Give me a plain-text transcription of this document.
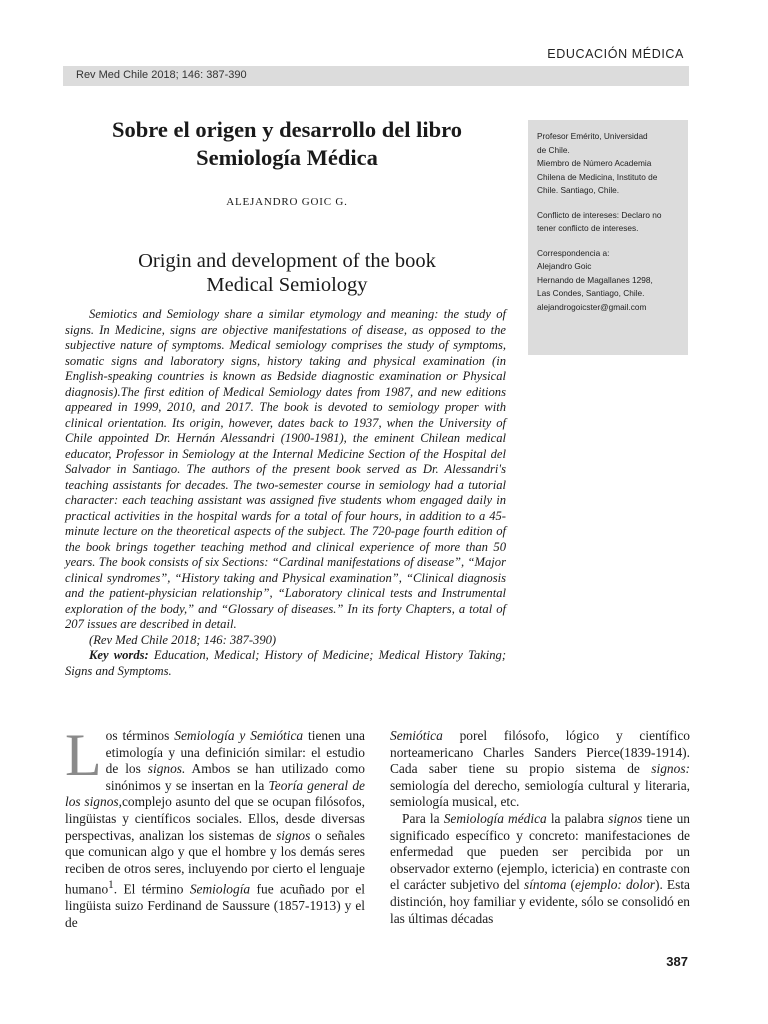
EDUCACIÓN MÉDICA
Rev Med Chile 2018; 146: 387-390
Sobre el origen y desarrollo del libro
Semiología Médica
ALEJANDRO GOIC G.
Origin and development of the book
Medical Semiology

Profesor Emérito, Universidad
de Chile.
Miembro de Número Academia
Chilena de Medicina, Instituto de
Chile. Santiago, Chile.

Conflicto de intereses: Declaro no
tener conflicto de intereses.

Correspondencia a:
Alejandro Goic
Hernando de Magallanes 1298,
Las Condes, Santiago, Chile.
alejandrogoicster@gmail.com

Semiotics and Semiology share a similar etymology and meaning: the study of signs. In Medicine, signs are objective manifestations of disease, as opposed to the subjective nature of symptoms. Medical semiology comprises the study of symptoms, somatic signs and laboratory signs, history taking and physical examination (in English-speaking countries is known as Bedside diagnostic examination or Physical diagnosis).The first edition of Medical Semiology dates from 1987, and new editions appeared in 1999, 2010, and 2017. The book is devoted to semiology proper with clinical orientation. Its origin, however, dates back to 1937, when the University of Chile appointed Dr. Hernán Alessandri (1900-1981), the eminent Chilean medical educator, Professor in Semiology at the Internal Medicine Section of the Hospital del Salvador in Santiago. The authors of the present book served as Dr. Alessandri's teaching assistants for decades. The two-semester course in semiology had a tutorial character: each teaching assistant was assigned five students whom engaged daily in practical activities in the hospital wards for a total of four hours, in addition to a 45- minute lecture on the theoretical aspects of the subject. The 720-page fourth edition of the book brings together teaching method and clinical experience of more than 50 years. The book consists of six Sections: “Cardinal manifestations of disease”, “Major clinical syndromes”, “History taking and Physical examination”, “Clinical diagnosis and the patient-physician relationship”, “Laboratory clinical tests and Instrumental exploration of the body,” and “Glossary of diseases.” In its forty Chapters, a total of 207 issues are described in detail.

(Rev Med Chile 2018; 146: 387-390)

Key words: Education, Medical; History of Medicine; Medical History Taking; Signs and Symptoms.

Los términos Semiología y Semiótica tienen una etimología y una definición similar: el estudio de los signos. Ambos se han utilizado como sinónimos y se insertan en la Teoría general de los signos,complejo asunto del que se ocupan filósofos, lingüistas y científicos sociales. Ellos, desde diversas perspectivas, analizan los sistemas de signos o señales que comunican algo y que el hombre y los demás seres reciben de otros seres, incluyendo por cierto el lenguaje humano$^1$. El término Semiología fue acuñado por el lingüista suizo Ferdinand de Saussure (1857-1913) y el de

Semiótica porel filósofo, lógico y científico norteamericano Charles Sanders Pierce(1839-1914). Cada saber tiene su propio sistema de signos: semiología del derecho, semiología cultural y literaria, semiología musical, etc.

Para la Semiología médica la palabra signos tiene un significado específico y concreto: manifestaciones de enfermedad que pueden ser percibida por un observador externo (ejemplo, ictericia) en contraste con el carácter subjetivo del síntoma (ejemplo: dolor). Esta distinción, hoy familiar y evidente, sólo se consolidó en las últimas décadas

387
